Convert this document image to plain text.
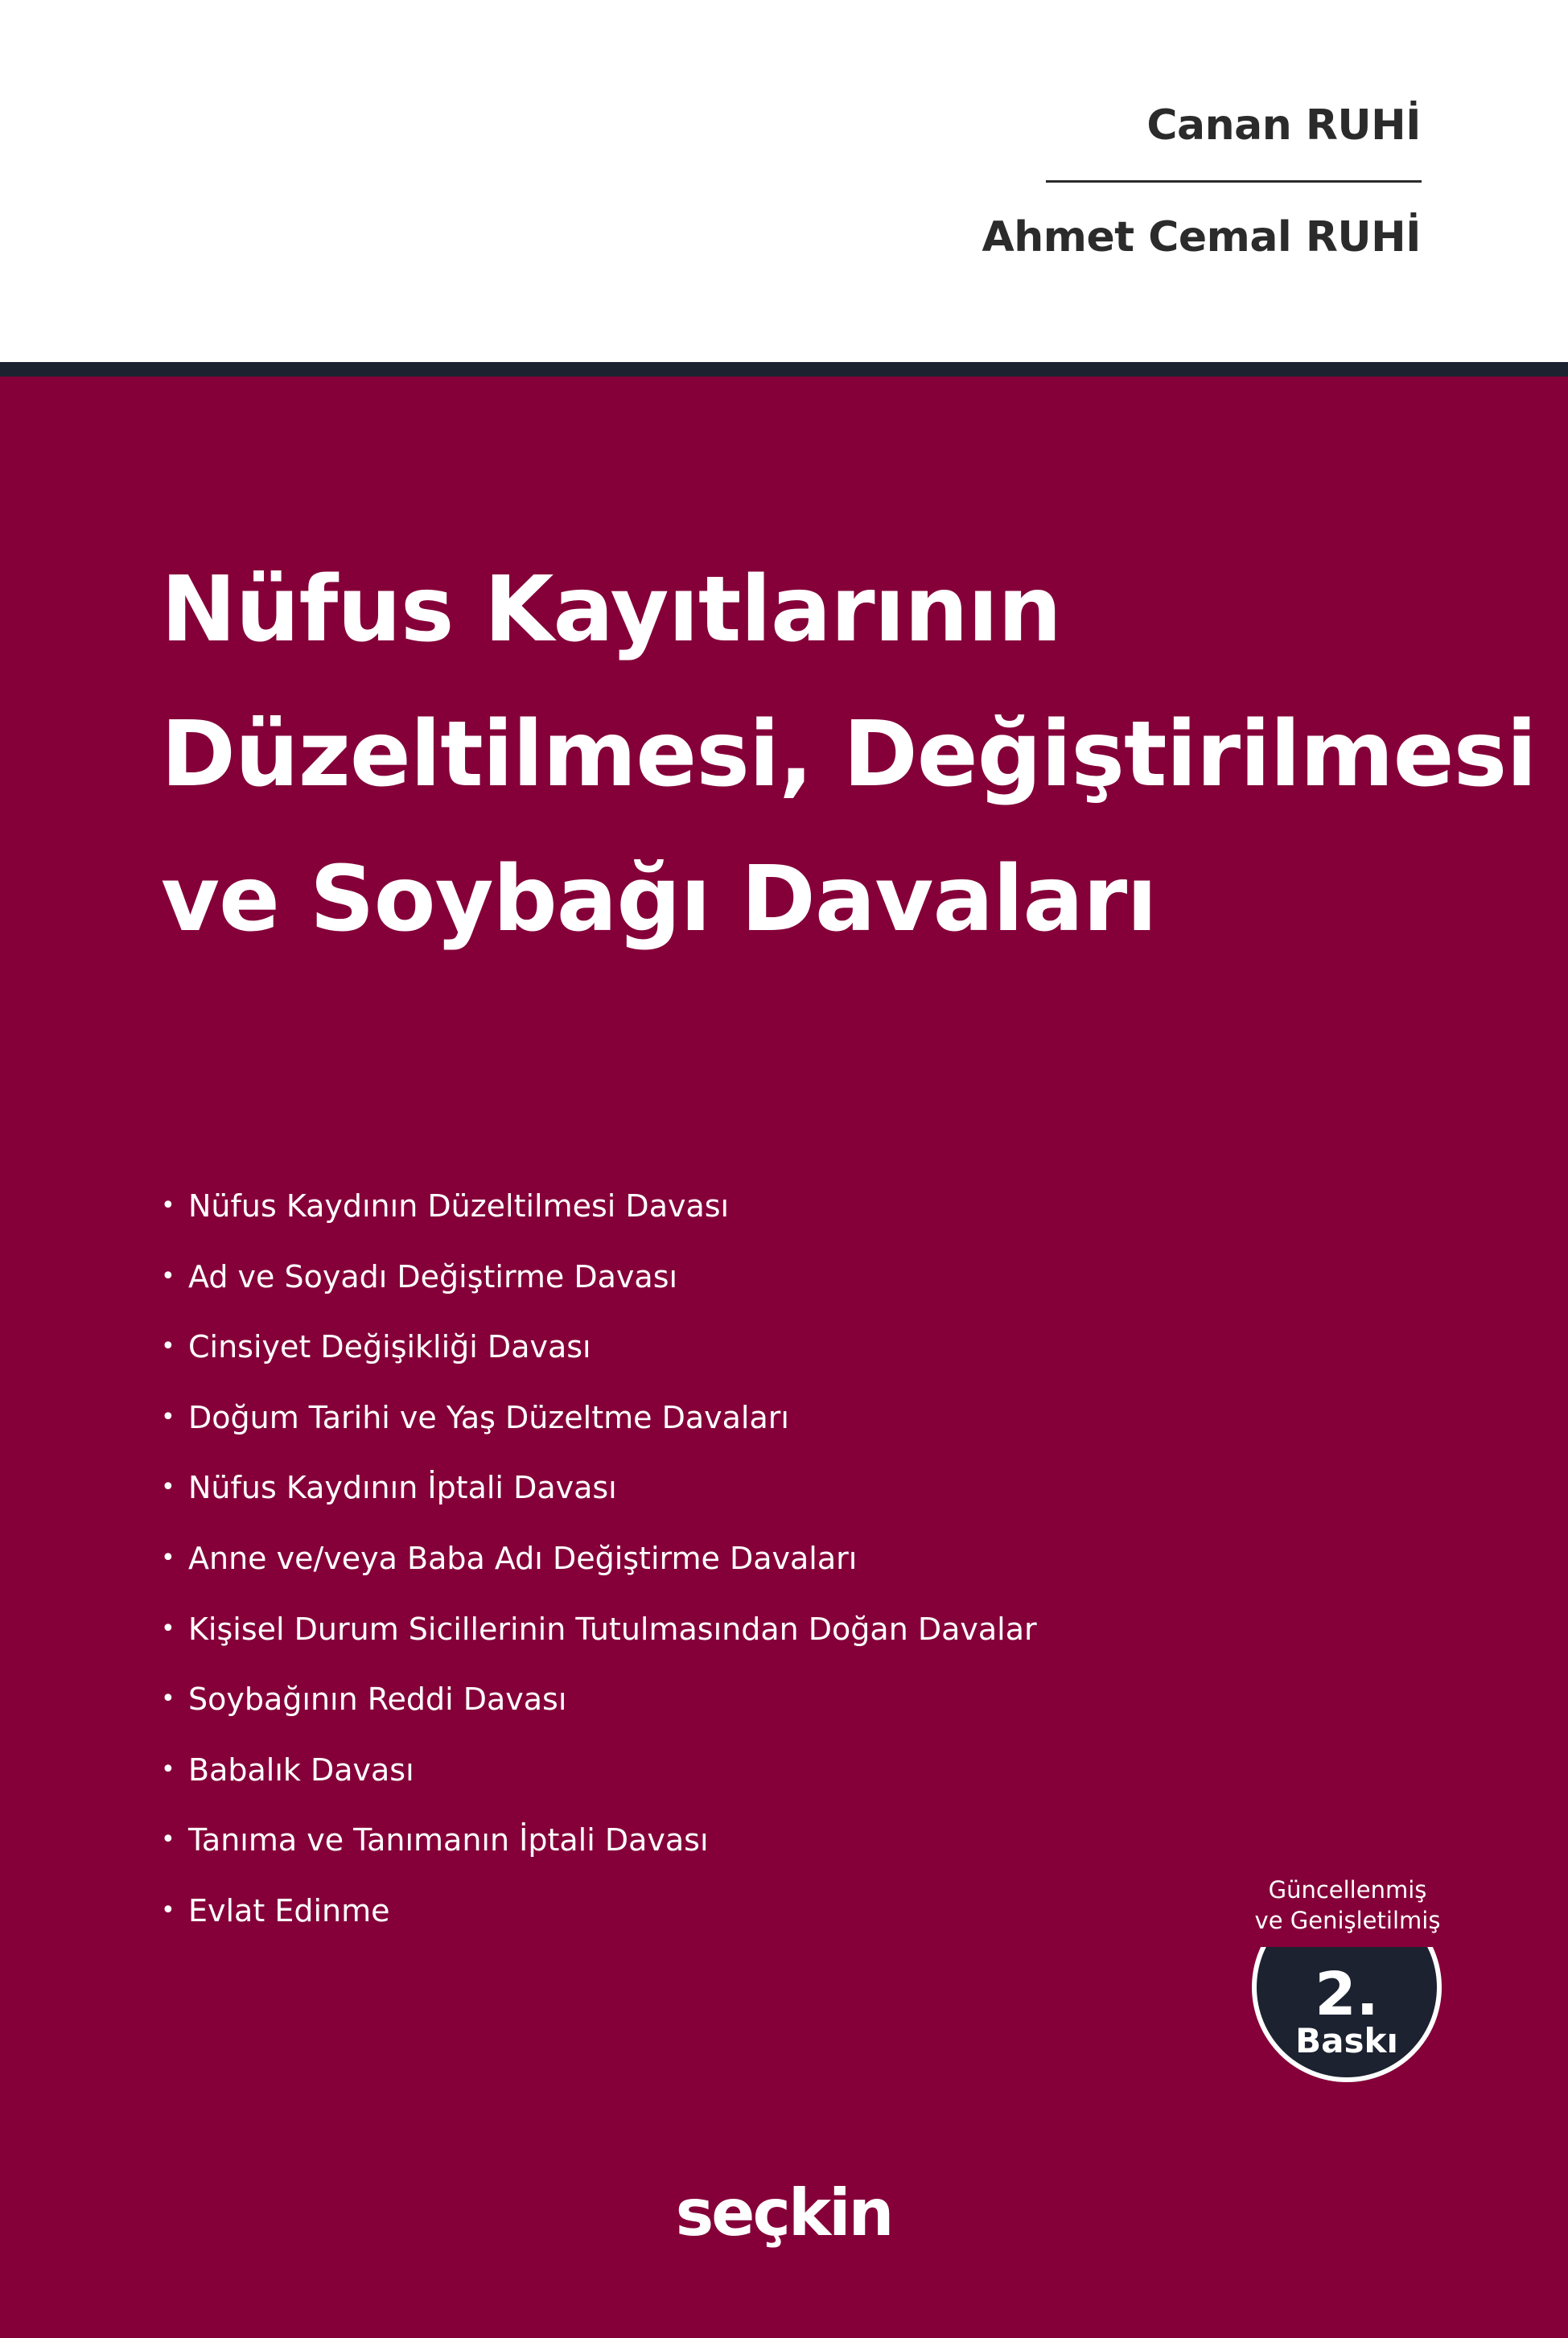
Canan RUHİ
Ahmet Cemal RUHİ
Nüfus Kayıtlarının
Düzeltilmesi, Değiştirilmesi
ve Soybağı Davaları
• Nüfus Kaydının Düzeltilmesi Davası
• Ad ve Soyadı Değiştirme Davası
• Cinsiyet Değişikliği Davası
• Doğum Tarihi ve Yaş Düzeltme Davaları
• Nüfus Kaydının İptali Davası
• Anne ve/veya Baba Adı Değiştirme Davaları
• Kişisel Durum Sicillerinin Tutulmasından Doğan Davalar
• Soybağının Reddi Davası
• Babalık Davası
• Tanıma ve Tanımanın İptali Davası
• Evlat Edinme
2.
Baskı
Güncellenmiş
ve Genişletilmiş
seçkin
